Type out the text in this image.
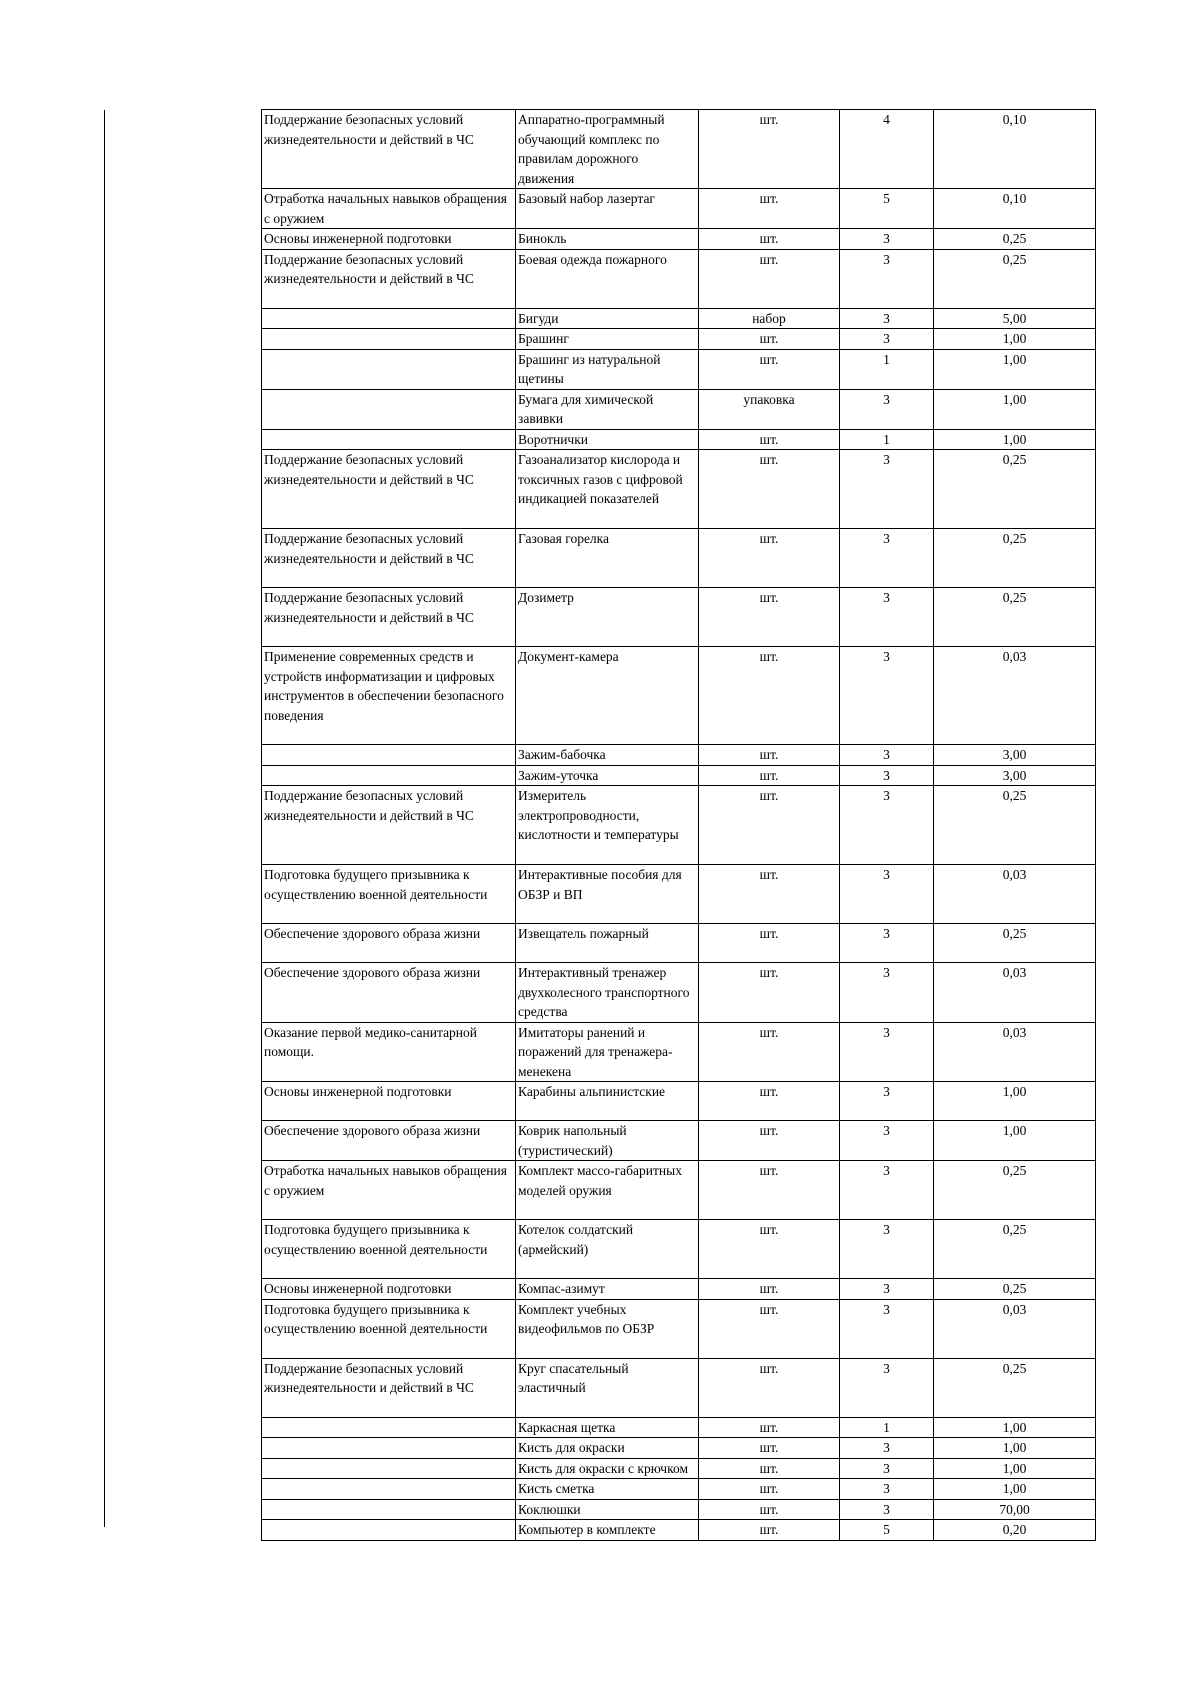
Поддержание безопасных условий жизнедеятельности и действий в ЧС	Аппаратно-программный обучающий комплекс по правилам дорожного движения	шт.	4	0,10
Отработка начальных навыков обращения с оружием	Базовый набор лазертаг	шт.	5	0,10
Основы инженерной подготовки	Бинокль	шт.	3	0,25
Поддержание безопасных условий жизнедеятельности и действий в ЧС	Боевая одежда пожарного	шт.	3	0,25
	Бигуди	набор	3	5,00
	Брашинг	шт.	3	1,00
	Брашинг из натуральной щетины	шт.	1	1,00
	Бумага для химической завивки	упаковка	3	1,00
	Воротнички	шт.	1	1,00
Поддержание безопасных условий жизнедеятельности и действий в ЧС	Газоанализатор кислорода и токсичных газов с цифровой индикацией показателей	шт.	3	0,25
Поддержание безопасных условий жизнедеятельности и действий в ЧС	Газовая горелка	шт.	3	0,25
Поддержание безопасных условий жизнедеятельности и действий в ЧС	Дозиметр	шт.	3	0,25
Применение современных средств и устройств информатизации и цифровых инструментов в обеспечении безопасного поведения	Документ-камера	шт.	3	0,03
	Зажим-бабочка	шт.	3	3,00
	Зажим-уточка	шт.	3	3,00
Поддержание безопасных условий жизнедеятельности и действий в ЧС	Измеритель электропроводности, кислотности и температуры	шт.	3	0,25
Подготовка будущего призывника к осуществлению военной деятельности	Интерактивные пособия для ОБЗР и ВП	шт.	3	0,03
Обеспечение здорового образа жизни	Извещатель пожарный	шт.	3	0,25
Обеспечение здорового образа жизни	Интерактивный тренажер двухколесного транспортного средства	шт.	3	0,03
Оказание первой медико-санитарной помощи.	Имитаторы ранений и поражений для тренажера-менекена	шт.	3	0,03
Основы инженерной подготовки	Карабины альпинистские	шт.	3	1,00
Обеспечение здорового образа жизни	Коврик напольный (туристический)	шт.	3	1,00
Отработка начальных навыков обращения с оружием	Комплект массо-габаритных моделей оружия	шт.	3	0,25
Подготовка будущего призывника к осуществлению военной деятельности	Котелок солдатский (армейский)	шт.	3	0,25
Основы инженерной подготовки	Компас-азимут	шт.	3	0,25
Подготовка будущего призывника к осуществлению военной деятельности	Комплект учебных видеофильмов по ОБЗР	шт.	3	0,03
Поддержание безопасных условий жизнедеятельности и действий в ЧС	Круг спасательный эластичный	шт.	3	0,25
	Каркасная щетка	шт.	1	1,00
	Кисть для окраски	шт.	3	1,00
	Кисть для окраски с крючком	шт.	3	1,00
	Кисть сметка	шт.	3	1,00
	Коклюшки	шт.	3	70,00
	Компьютер в комплекте	шт.	5	0,20
